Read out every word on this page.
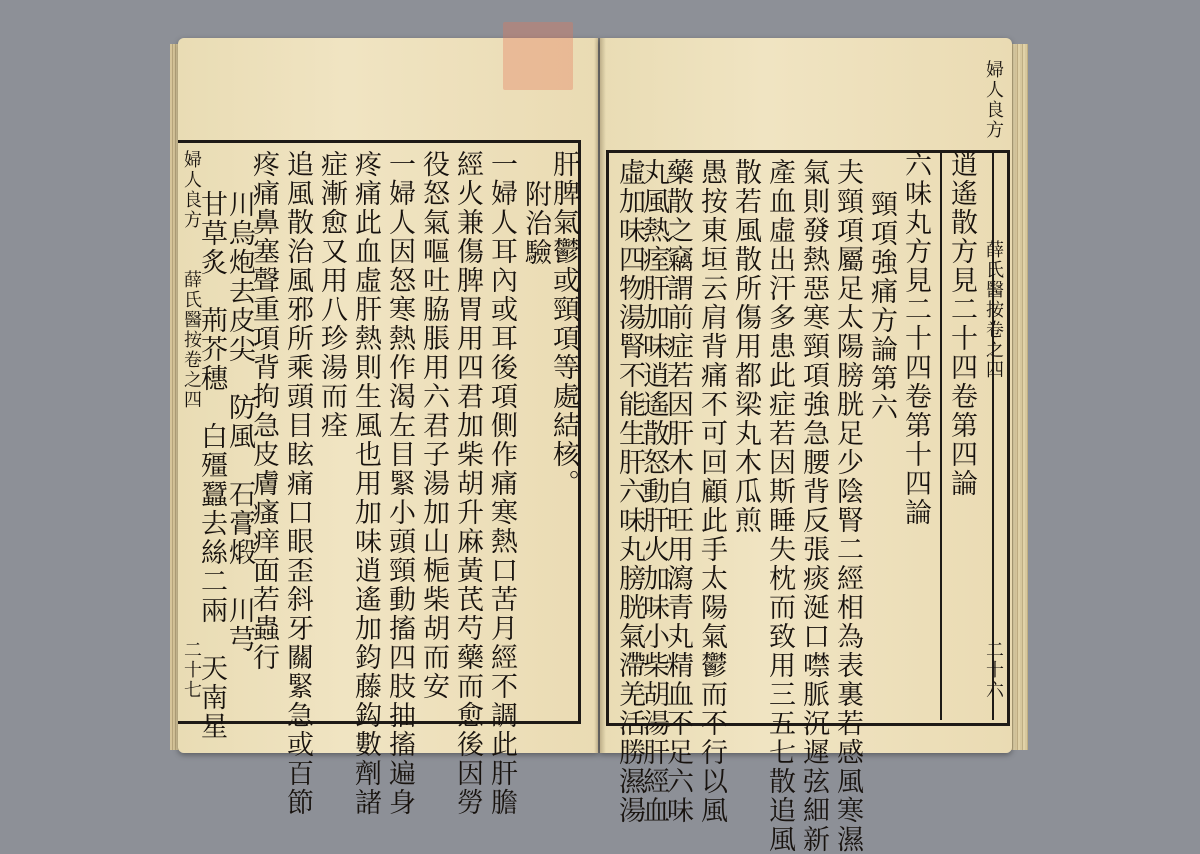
婦人良方
薛氏醫按卷之四
二十七
肝脾氣鬱或頸項等處結核。
附治驗
一婦人耳內或耳後項側作痛寒熱口苦月經不調此肝膽
經火兼傷脾胃用四君加柴胡升麻黃芪芍藥而愈後因勞
役怒氣嘔吐脇脹用六君子湯加山梔柴胡而安
一婦人因怒寒熱作渴左目緊小頭頸動搐四肢抽搐遍身
疼痛此血虛肝熱則生風也用加味逍遙加鈞藤鈎數劑諸
症漸愈又用八珍湯而痊
追風散治風邪所乘頭目眩痛口眼歪斜牙關緊急或百節
疼痛鼻塞聲重項背拘急皮膚瘙痒面若蟲行
川烏炮去皮尖　防風　石膏煅　川芎
甘草炙　荊芥穗　白殭蠶去絲二兩　天南星	逍遙散方見二十四卷第四論
六味丸方見二十四卷第十四論
頸項強痛方論第六
夫頸項屬足太陽膀胱足少陰腎二經相為表裏若感風寒濕
氣則發熱惡寒頸項強急腰背反張痰涎口噤脈沉遲弦細新
產血虛出汗多患此症若因斯睡失枕而致用三五七散追風
散若風散所傷用都梁丸木瓜煎
愚按東垣云肩背痛不可回顧此手太陽氣鬱而不行以風
藥散之竊謂前症若因肝木自旺用瀉青丸精血不足六味
丸風熱痓肝加味逍遙散怒動肝火加味小柴胡湯肝經血
虛加味四物湯腎不能生肝六味丸膀胱氣滯羌活勝濕湯
婦人良方
薛氏醫按卷之四
二十六
